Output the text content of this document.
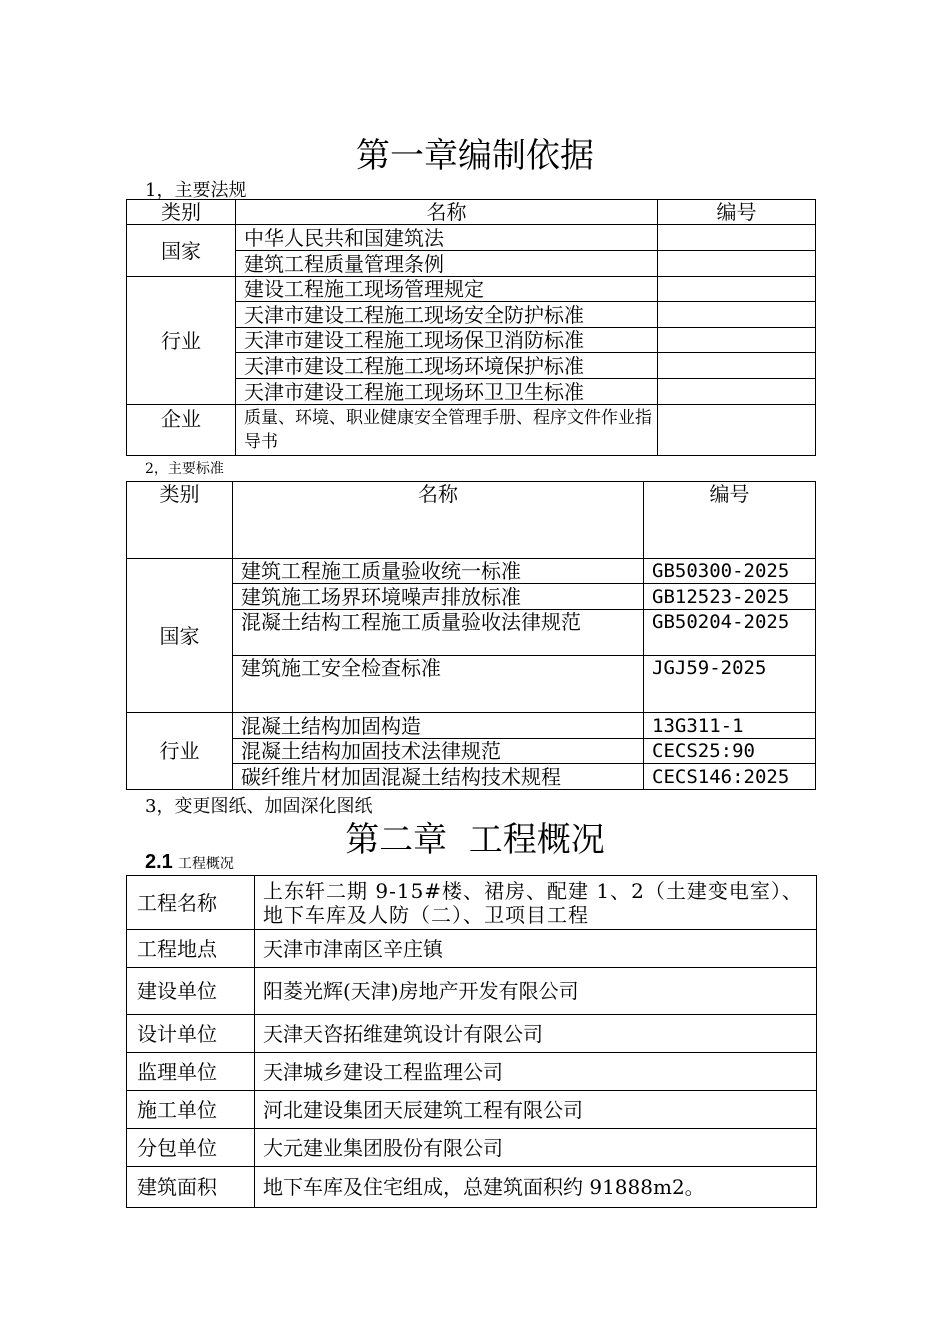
第一章编制依据
1，主要法规
类别	名称	编号
国家	中华人民共和国建筑法	
	建筑工程质量管理条例	
行业	建设工程施工现场管理规定	
	天津市建设工程施工现场安全防护标准	
	天津市建设工程施工现场保卫消防标准	
	天津市建设工程施工现场环境保护标准	
	天津市建设工程施工现场环卫卫生标准	
企业	质量、环境、职业健康安全管理手册、程序文件作业指导书	
2，主要标准
类别	名称	编号
国家	建筑工程施工质量验收统一标准	GB50300-2025
	建筑施工场界环境噪声排放标准	GB12523-2025
	混凝土结构工程施工质量验收法律规范	GB50204-2025
	建筑施工安全检查标准	JGJ59-2025
行业	混凝土结构加固构造	13G311-1
	混凝土结构加固技术法律规范	CECS25:90
	碳纤维片材加固混凝土结构技术规程	CECS146:2025
3，变更图纸、加固深化图纸
第二章  工程概况
2.1 工程概况
工程名称	上东轩二期 9-15#楼、裙房、配建 1、2（土建变电室）、地下车库及人防（二）、卫项目工程
工程地点	天津市津南区辛庄镇
建设单位	阳菱光辉(天津)房地产开发有限公司
设计单位	天津天咨拓维建筑设计有限公司
监理单位	天津城乡建设工程监理公司
施工单位	河北建设集团天辰建筑工程有限公司
分包单位	大元建业集团股份有限公司
建筑面积	地下车库及住宅组成，总建筑面积约 91888m2。
